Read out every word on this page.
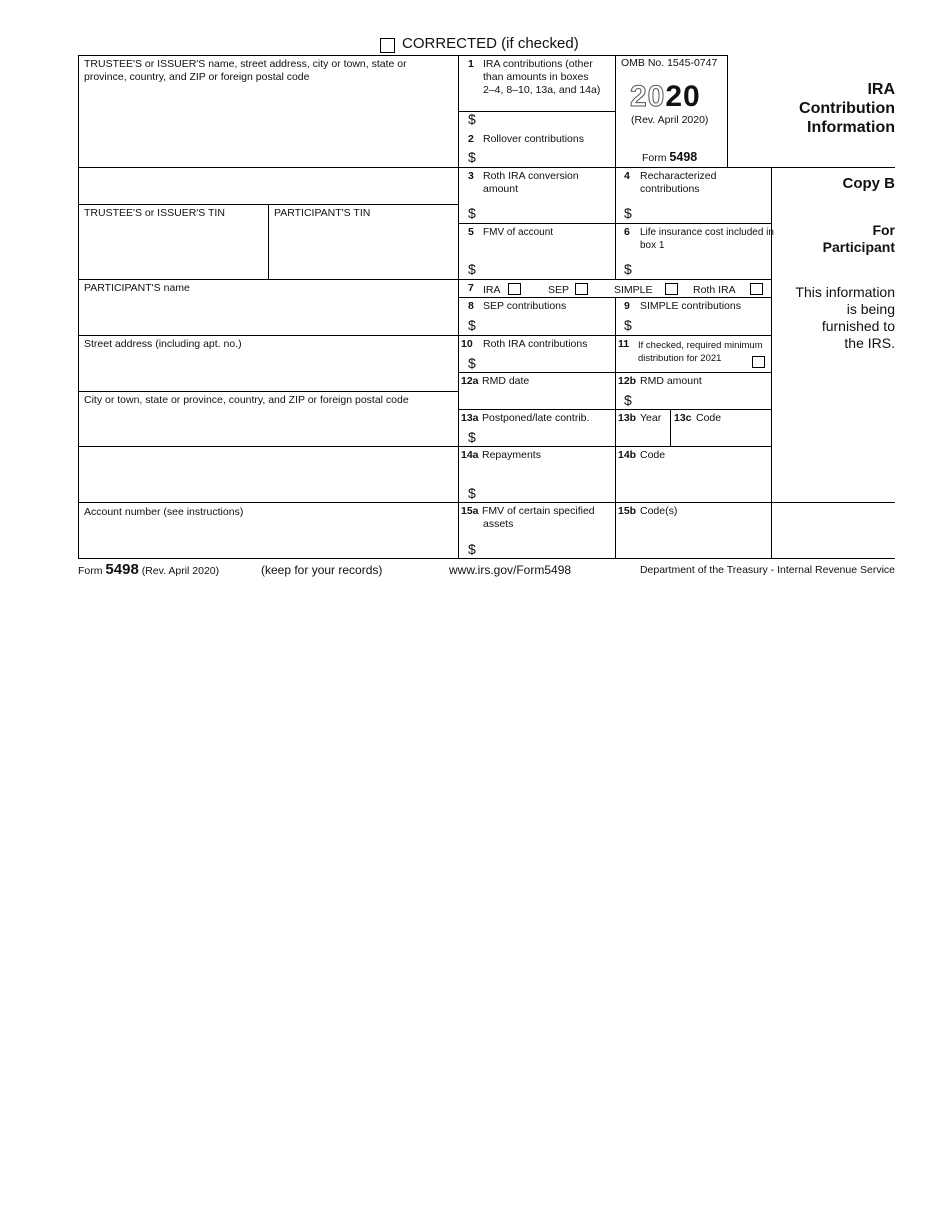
CORRECTED (if checked)
TRUSTEE'S or ISSUER'S name, street address, city or town, state or province, country, and ZIP or foreign postal code
TRUSTEE'S or ISSUER'S TIN	PARTICIPANT'S TIN
PARTICIPANT'S name
Street address (including apt. no.)
City or town, state or province, country, and ZIP or foreign postal code
Account number (see instructions)
1 IRA contributions (other
than amounts in boxes
2–4, 8–10, 13a, and 14a)
$
2 Rollover contributions
$
OMB No. 1545-0747
2020
(Rev. April 2020)
Form 5498
IRA
Contribution
Information
Copy B
For
Participant
This information
is being
furnished to
the IRS.
3 Roth IRA conversion
amount
$
4 Recharacterized
contributions
$
5 FMV of account
$
6 Life insurance cost included in
box 1
$
7 IRA	SEP	SIMPLE	Roth IRA
8 SEP contributions
$
9 SIMPLE contributions
$
10 Roth IRA contributions
$
11 If checked, required minimum
distribution for 2021
12a RMD date	12b RMD amount
$
13a Postponed/late contrib.
$
13b Year 13c Code
14a Repayments
$
14b Code
15a FMV of certain specified
assets
$
15b Code(s)
Form 5498 (Rev. April 2020)	(keep for your records)	www.irs.gov/Form5498	Department of the Treasury - Internal Revenue Service
